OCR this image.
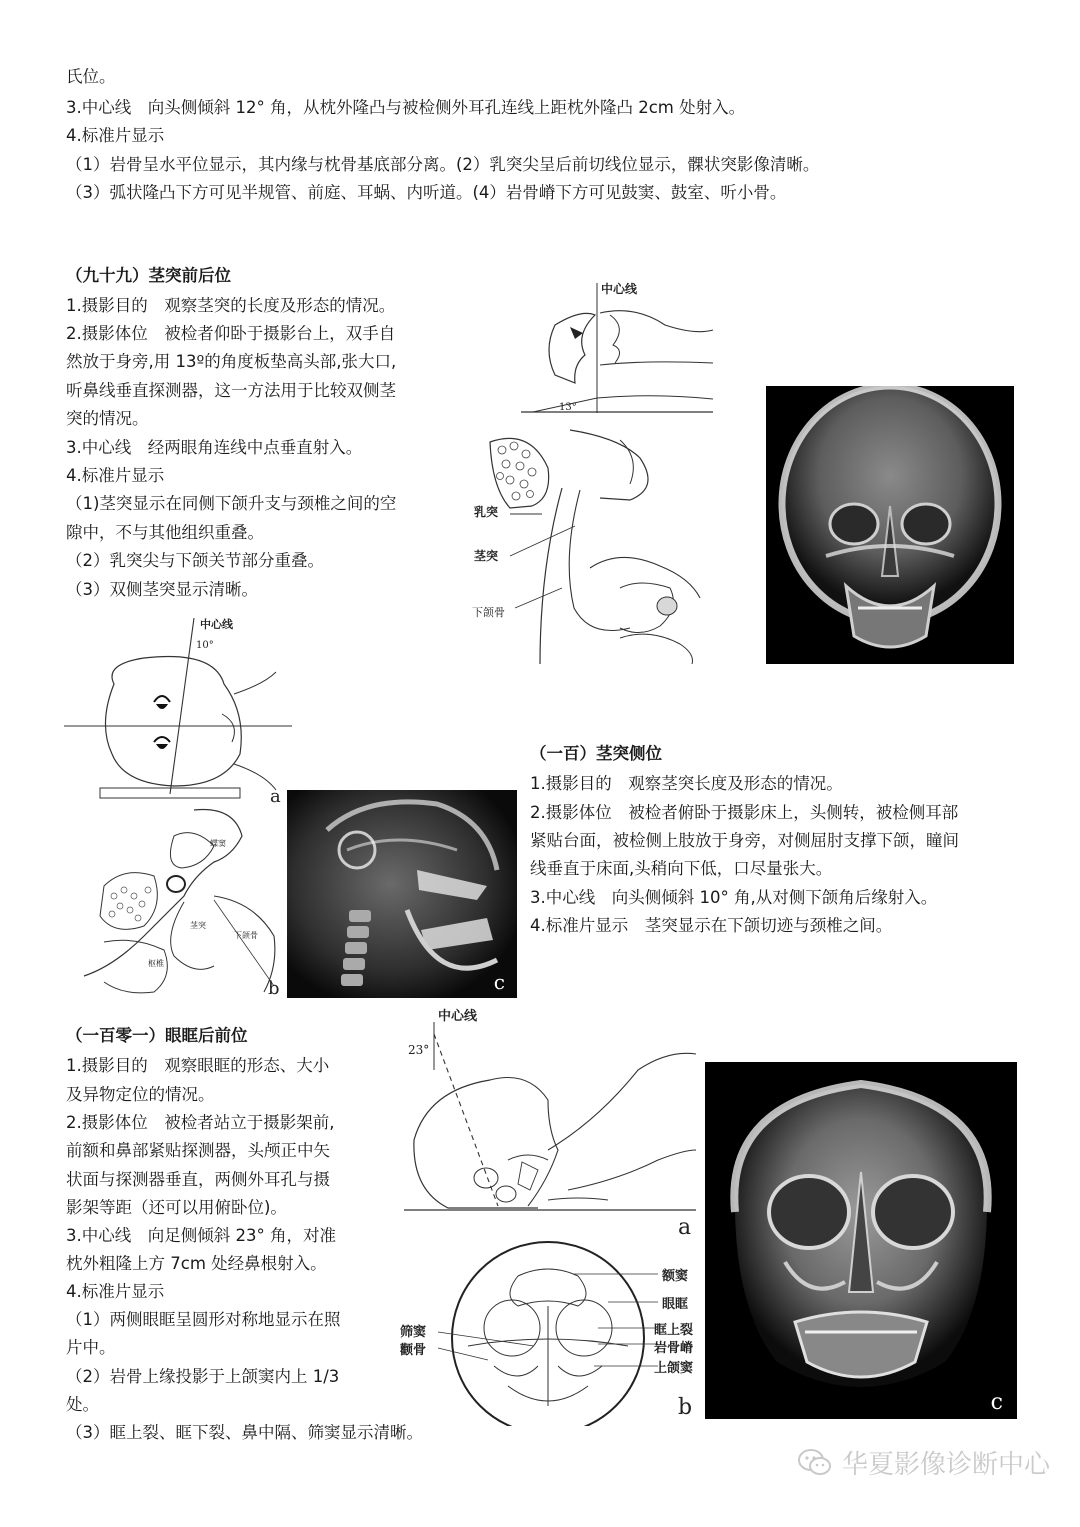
氏位。
3.中心线　向头侧倾斜 12° 角，从枕外隆凸与被检侧外耳孔连线上距枕外隆凸 2cm 处射入。
4.标准片显示
（1）岩骨呈水平位显示，其内缘与枕骨基底部分离。(2）乳突尖呈后前切线位显示，髁状突影像清晰。
（3）弧状隆凸下方可见半规管、前庭、耳蜗、内听道。(4）岩骨嵴下方可见鼓窦、鼓室、听小骨。
（九十九）茎突前后位
1.摄影目的　观察茎突的长度及形态的情况。
2.摄影体位　被检者仰卧于摄影台上，双手自
然放于身旁,用 13º的角度板垫高头部,张大口,
听鼻线垂直探测器，这一方法用于比较双侧茎
突的情况。
3.中心线　经两眼角连线中点垂直射入。
4.标准片显示
（1)茎突显示在同侧下颌升支与颈椎之间的空
隙中，不与其他组织重叠。
（2）乳突尖与下颌关节部分重叠。
（3）双侧茎突显示清晰。
中心线
13°
乳突
茎突
下颌骨
中心线
10°
a
蝶窦
茎突
下颌骨
枢椎
b	c
（一百）茎突侧位
1.摄影目的　观察茎突长度及形态的情况。
2.摄影体位　被检者俯卧于摄影床上，头侧转，被检侧耳部
紧贴台面，被检侧上肢放于身旁，对侧屈肘支撑下颌，瞳间
线垂直于床面,头稍向下低，口尽量张大。
3.中心线　向头侧倾斜 10° 角,从对侧下颌角后缘射入。
4.标准片显示　茎突显示在下颌切迹与颈椎之间。
（一百零一）眼眶后前位
1.摄影目的　观察眼眶的形态、大小
及异物定位的情况。
2.摄影体位　被检者站立于摄影架前,
前额和鼻部紧贴探测器，头颅正中矢
状面与探测器垂直，两侧外耳孔与摄
影架等距（还可以用俯卧位)。
3.中心线　向足侧倾斜 23° 角，对准
枕外粗隆上方 7cm 处经鼻根射入。
4.标准片显示
（1）两侧眼眶呈圆形对称地显示在照
片中。
（2）岩骨上缘投影于上颌窦内上 1/3
处。
（3）眶上裂、眶下裂、鼻中隔、筛窦显示清晰。
中心线
23°
a
额窦
眼眶
眶上裂
岩骨嵴
上颌窦
筛窦
颧骨
b	c
华夏影像诊断中心
